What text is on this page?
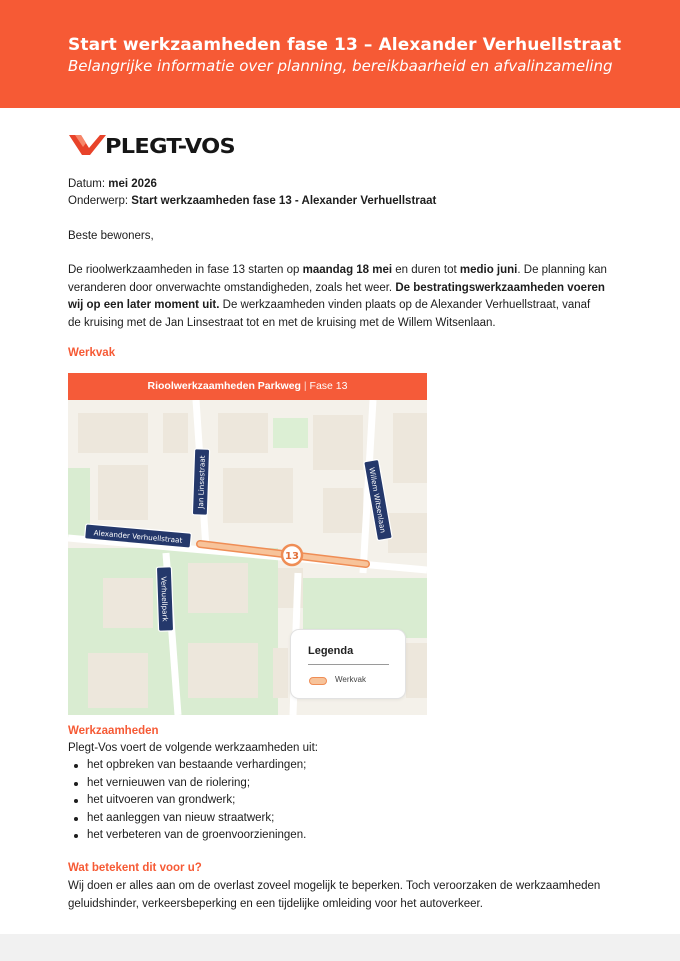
Start werkzaamheden fase 13 – Alexander Verhuellstraat
Belangrijke informatie over planning, bereikbaarheid en afvalinzameling
PLEGT-VOS
Datum: mei 2026
Onderwerp: Start werkzaamheden fase 13 - Alexander Verhuellstraat
Beste bewoners,
De rioolwerkzaamheden in fase 13 starten op maandag 18 mei en duren tot medio juni. De planning kan
veranderen door onverwachte omstandigheden, zoals het weer. De bestratingswerkzaamheden voeren
wij op een later moment uit. De werkzaamheden vinden plaats op de Alexander Verhuellstraat, vanaf
de kruising met de Jan Linsestraat tot en met de kruising met de Willem Witsenlaan.
Werkvak
13
Jan Linsestraat	Willem Witsenlaan
Alexander Verhuellstraat
Verhuellpark
Rioolwerkzaamheden Parkweg | Fase 13
Legenda
Werkvak
Werkzaamheden
Plegt-Vos voert de volgende werkzaamheden uit:
het opbreken van bestaande verhardingen;
het vernieuwen van de riolering;
het uitvoeren van grondwerk;
het aanleggen van nieuw straatwerk;
het verbeteren van de groenvoorzieningen.
Wat betekent dit voor u?
Wij doen er alles aan om de overlast zoveel mogelijk te beperken. Toch veroorzaken de werkzaamheden
geluidshinder, verkeersbeperking en een tijdelijke omleiding voor het autoverkeer.
